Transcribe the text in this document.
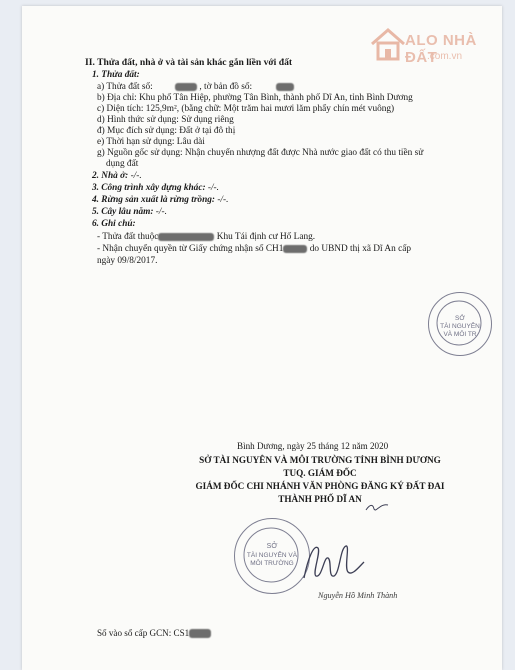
ALO NHÀ ĐẤT
.com.vn
II. Thửa đất, nhà ở và tài sản khác gắn liền với đất
1. Thửa đất:
a) Thửa đất số:	, tờ bản đồ số:
b) Địa chỉ: Khu phố Tân Hiệp, phường Tân Bình, thành phố Dĩ An, tỉnh Bình Dương
c) Diện tích: 125,9m², (bằng chữ: Một trăm hai mươi lăm phẩy chín mét vuông)
d) Hình thức sử dụng: Sử dụng riêng
đ) Mục đích sử dụng: Đất ở tại đô thị
e) Thời hạn sử dụng: Lâu dài
g) Nguồn gốc sử dụng: Nhận chuyển nhượng đất được Nhà nước giao đất có thu tiền sử
dụng đất
2. Nhà ở: -/-.
3. Công trình xây dựng khác: -/-.
4. Rừng sản xuất là rừng trồng: -/-.
5. Cây lâu năm: -/-.
6. Ghi chú:
- Thửa đất thuộc	Khu Tái định cư Hố Lang.
- Nhận chuyển quyền từ Giấy chứng nhận số CH1	do UBND thị xã Dĩ An cấp
ngày 09/8/2017.
SỞ
TÀI NGUYÊN
VÀ MÔI TR
Bình Dương, ngày 25 tháng 12 năm 2020
SỞ TÀI NGUYÊN VÀ MÔI TRƯỜNG TỈNH BÌNH DƯƠNG
TUQ. GIÁM ĐỐC
GIÁM ĐỐC CHI NHÁNH VĂN PHÒNG ĐĂNG KÝ ĐẤT ĐAI
THÀNH PHỐ DĨ AN
SỞ
TÀI NGUYÊN VÀ
MÔI TRƯỜNG
Nguyễn Hồ Minh Thành
Số vào sổ cấp GCN: CS1
